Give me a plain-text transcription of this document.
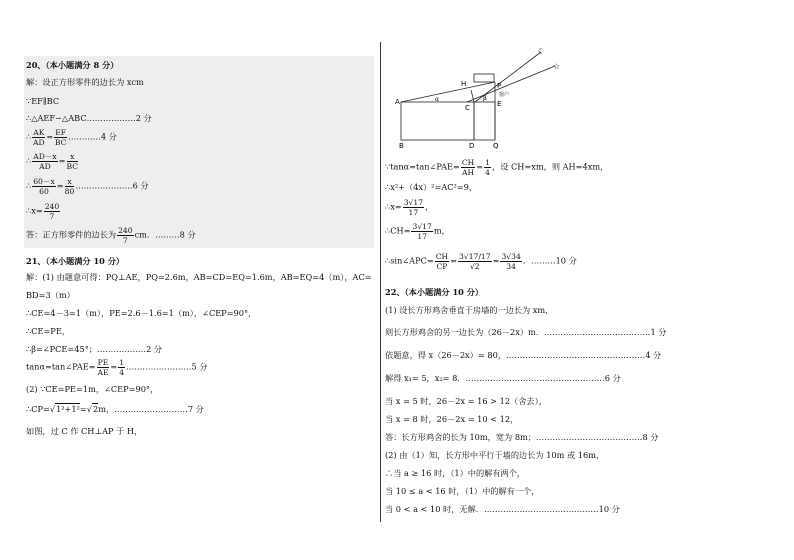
20、（本小题满分 8 分）
解：设正方形零件的边长为 xcm
∵EF∥BC
∴△AEF∽△ABC………………2 分
∴ $\frac{AK}{AD} = \frac{EF}{BC}$ …………4 分
∴ $\frac{AD-x}{AD} = \frac{x}{BC}$
∴ $\frac{60-x}{60} = \frac{x}{80}$ …………………6 分
∴x= $\frac{240}{7}$
答：正方形零件的边长为 $\frac{240}{7}$ cm．………8 分
21、（本小题满分 10 分）
解：(1) 由题意可得：PQ⊥AE，PQ=2.6m，AB=CD=EQ=1.6m，AB=EQ=4（m），AC=
BD=3（m）
∴CE=4－3=1（m），PE=2.6－1.6=1（m），∠CEP=90°，
∴CE=PE，
∴β=∠PCE=45°；………………2 分
tanα=tan∠PAE= $\frac{PE}{AE} = \frac{1}{4}$ ……………………5 分
(2) ∵CE=PE=1m，∠CEP=90°，
∴CP=√1²+1²=√2m，………………………7 分
如图，过 C 作 CH⊥AP 于 H，
A
B
C
D
E
P
Q
H
α	β 窗户
☆
☾
∵tanα=tan∠PAE= $\frac{CH}{AH} = \frac{1}{4}$ ，设 CH=xm，则 AH=4xm，
∴x²+（4x）²=AC²=9，
∴x= $\frac{3√17}{17}$ ，
∴CH= $\frac{3√17}{17}$ m，
∴sin∠APC= $\frac{CH}{CP} = \frac{3√17/17}{√2} = \frac{3√34}{34}$ ．………10 分
22、（本小题满分 10 分）
(1) 设长方形鸡舍垂直于房墙的一边长为 xm，
则长方形鸡舍的另一边长为（26－2x）m．…………………………………1 分
依题意，得 x（26－2x）= 80，……………………………………………4 分
解得 x₁= 5，x₂= 8．……………………………………………6 分
当 x = 5 时，26－2x = 16 > 12（舍去），
当 x = 8 时，26－2x = 10 < 12，
答：长方形鸡舍的长为 10m，宽为 8m；…………………………………8 分
(2) 由（1）知，长方形中平行于墙的边长为 10m 或 16m，
∴当 a ≥ 16 时，（1）中的解有两个，
当 10 ≤ a < 16 时，（1）中的解有一个，
当 0 < a < 10 时，无解．……………………………………10 分
